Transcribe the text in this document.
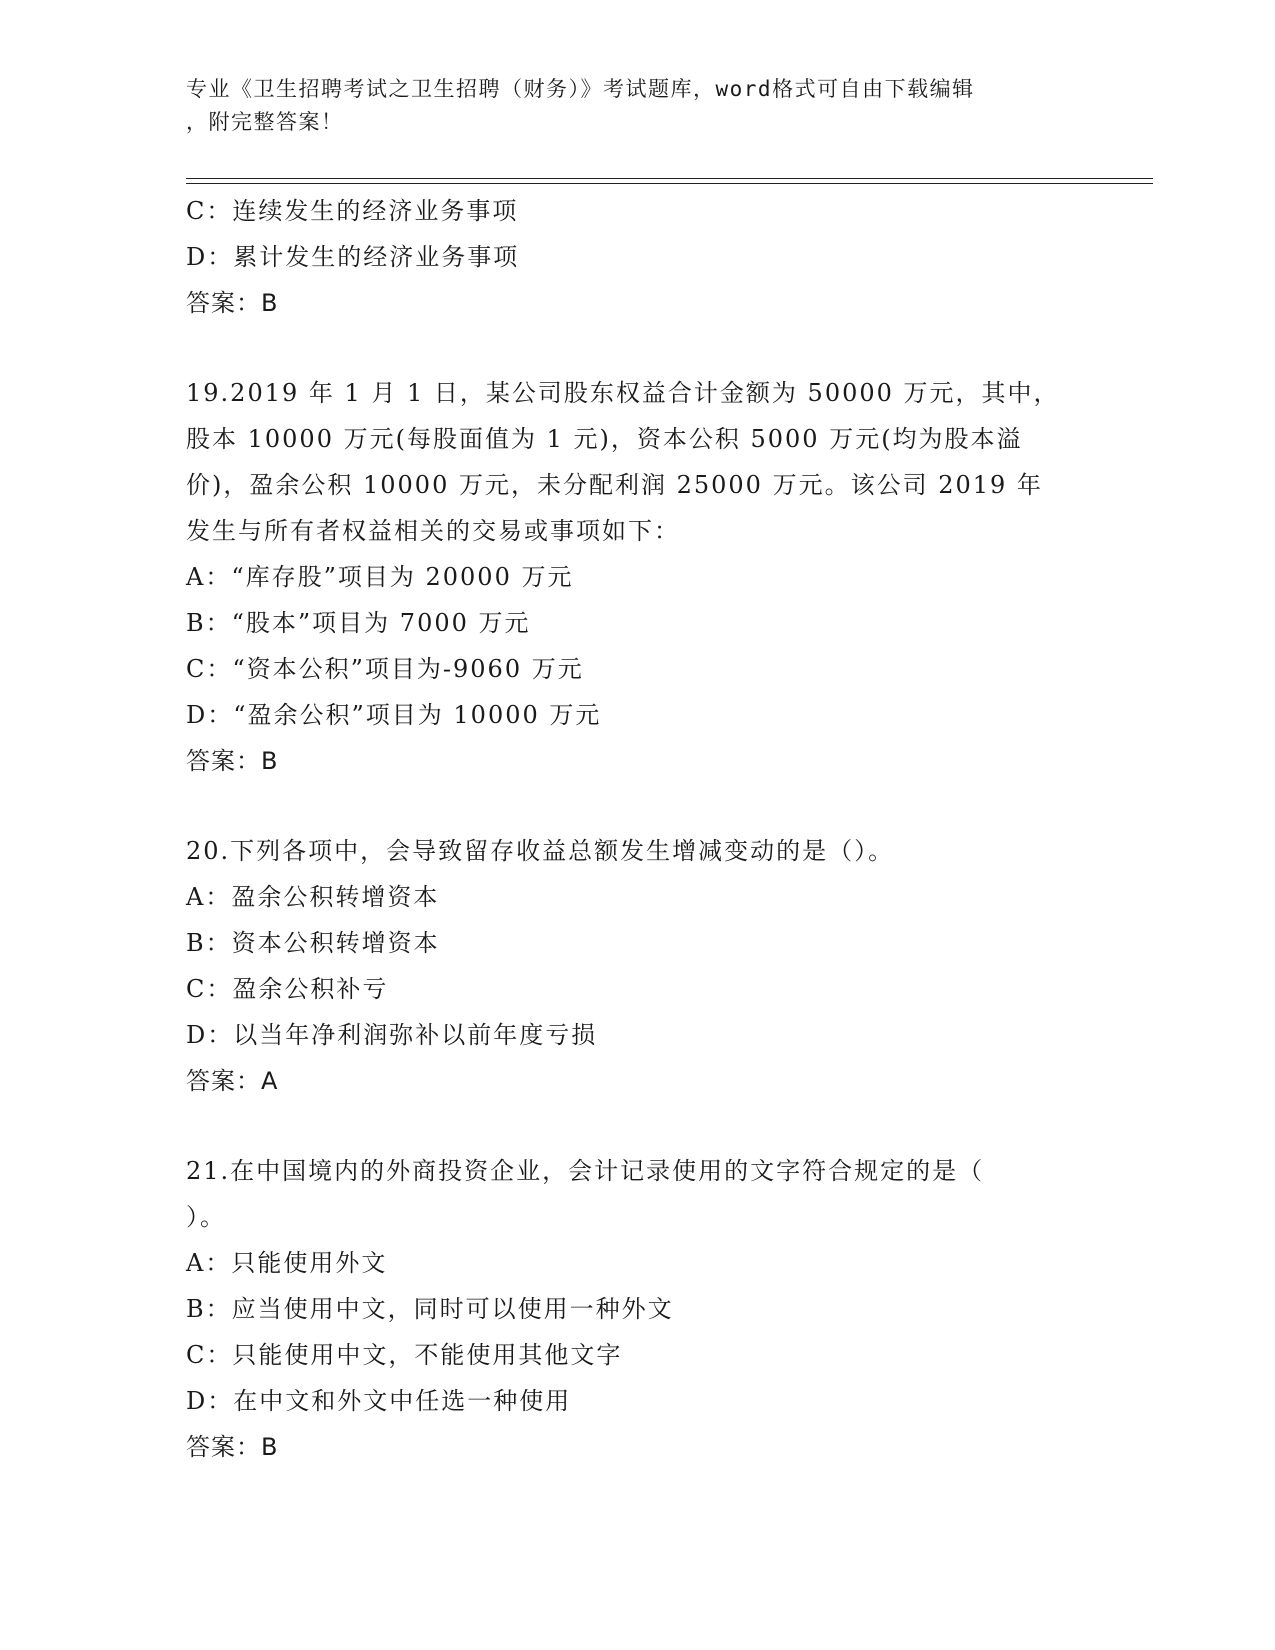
专业《卫生招聘考试之卫生招聘（财务）》考试题库，word格式可自由下载编辑
，附完整答案！
C：连续发生的经济业务事项
D：累计发生的经济业务事项
答案：B
19.2019 年 1 月 1 日，某公司股东权益合计金额为 50000 万元，其中，
股本 10000 万元(每股面值为 1 元)，资本公积 5000 万元(均为股本溢
价)，盈余公积 10000 万元，未分配利润 25000 万元。该公司 2019 年
发生与所有者权益相关的交易或事项如下：
A：“库存股”项目为 20000 万元
B：“股本”项目为 7000 万元
C：“资本公积”项目为-9060 万元
D：“盈余公积”项目为 10000 万元
答案：B
20.下列各项中，会导致留存收益总额发生增减变动的是（）。
A：盈余公积转增资本
B：资本公积转增资本
C：盈余公积补亏
D：以当年净利润弥补以前年度亏损
答案：A
21.在中国境内的外商投资企业，会计记录使用的文字符合规定的是（
）。
A：只能使用外文
B：应当使用中文，同时可以使用一种外文
C：只能使用中文，不能使用其他文字
D：在中文和外文中任选一种使用
答案：B
